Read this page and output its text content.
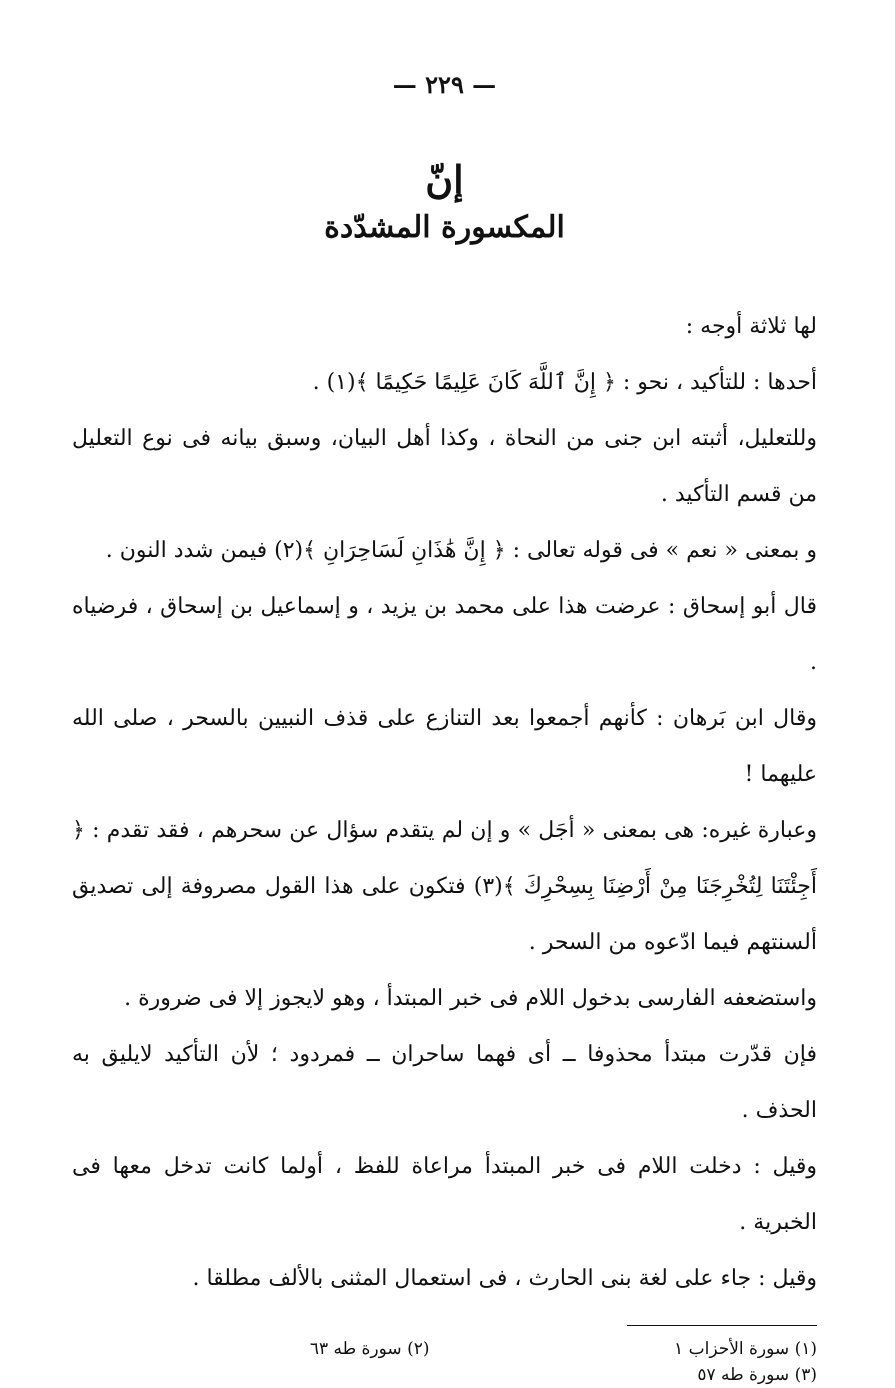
— ٢٢٩ —
إنّ
المكسورة المشدّدة

لها ثلاثة أوجه :

أحدها : للتأكيد ، نحو : ﴿ إِنَّ ٱللَّهَ كَانَ عَلِيمًا حَكِيمًا ﴾(١) .

وللتعليل، أثبته ابن جنى من النحاة ، وكذا أهل البيان، وسبق بيانه فى نوع التعليل من قسم التأكيد .

و بمعنى « نعم » فى قوله تعالى : ﴿ إِنَّ هَٰذَانِ لَسَاحِرَانِ ﴾(٢) فيمن شدد النون .

قال أبو إسحاق : عرضت هذا على محمد بن يزيد ، و إسماعيل بن إسحاق ، فرضياه .

وقال ابن بَرهان : كأنهم أجمعوا بعد التنازع على قذف النبيين بالسحر ، صلى الله عليهما !

وعبارة غيره: هى بمعنى « أجَل » و إن لم يتقدم سؤال عن سحرهم ، فقد تقدم : ﴿ أَجِئْتَنَا لِتُخْرِجَنَا مِنْ أَرْضِنَا بِسِحْرِكَ ﴾(٣) فتكون على هذا القول مصروفة إلى تصديق ألسنتهم فيما ادّعوه من السحر .

واستضعفه الفارسى بدخول اللام فى خبر المبتدأ ، وهو لايجوز إلا فى ضرورة .

فإن قدّرت مبتدأ محذوفا ــ أى فهما ساحران ــ فمردود ؛ لأن التأكيد لايليق به الحذف .

وقيل : دخلت اللام فى خبر المبتدأ مراعاة للفظ ، أولما كانت تدخل معها فى الخبرية .

وقيل : جاء على لغة بنى الحارث ، فى استعمال المثنى بالألف مطلقا .

(١) سورة الأحزاب ١

(٢) سورة طه ٦٣

(٣) سورة طه ٥٧
